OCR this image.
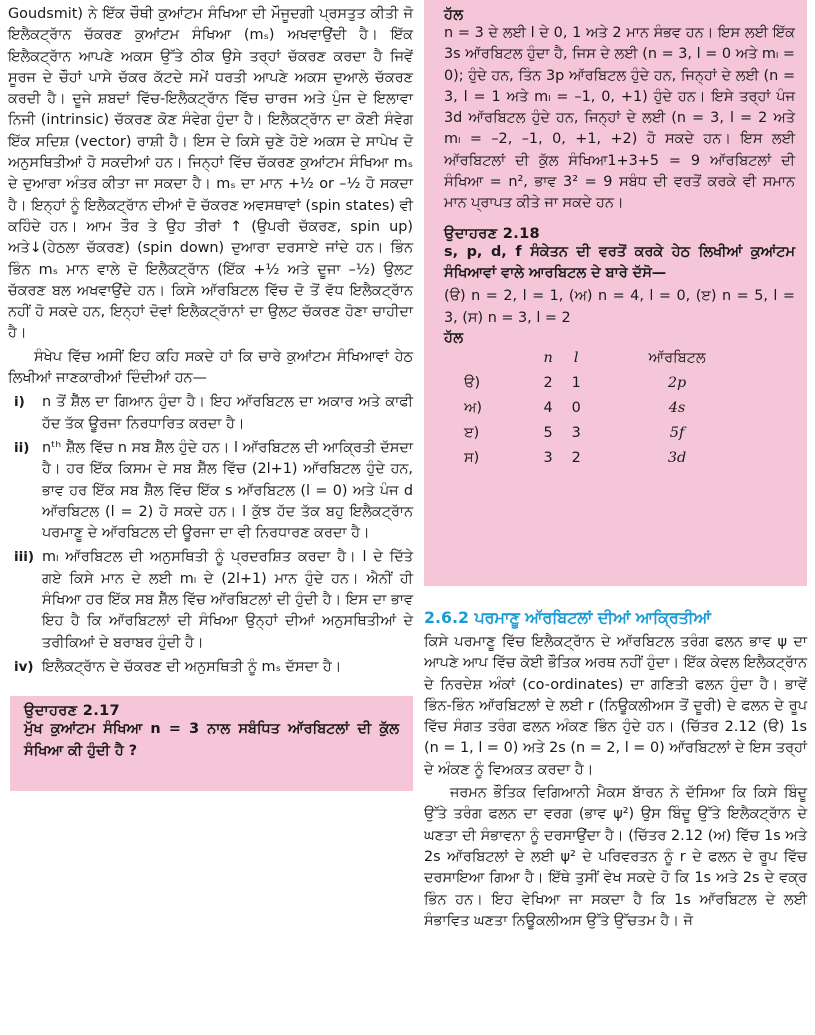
Goudsmit) ਨੇ ਇੱਕ ਚੌਥੀ ਕੁਆਂਟਮ ਸੰਖਿਆ ਦੀ ਮੌਜੂਦਗੀ ਪ੍ਰਸਤੁਤ ਕੀਤੀ ਜੋ ਇਲੈਕਟ੍ਰਾੱਨ ਚੱਕਰਣ ਕੁਆਂਟਮ ਸੰਖਿਆ (mₛ) ਅਖਵਾਉਂਦੀ ਹੈ। ਇੱਕ ਇਲੈਕਟ੍ਰਾੱਨ ਆਪਣੇ ਅਕਸ ਉੱਤੇ ਠੀਕ ਉਸੇ ਤਰ੍ਹਾਂ ਚੱਕਰਣ ਕਰਦਾ ਹੈ ਜਿਵੇਂ ਸੂਰਜ ਦੇ ਚੌਹਾਂ ਪਾਸੇ ਚੱਕਰ ਕੱਟਦੇ ਸਮੇਂ ਧਰਤੀ ਆਪਣੇ ਅਕਸ ਦੁਆਲੇ ਚੱਕਰਣ ਕਰਦੀ ਹੈ। ਦੂਜੇ ਸ਼ਬਦਾਂ ਵਿੱਚ-ਇਲੈਕਟ੍ਰਾੱਨ ਵਿੱਚ ਚਾਰਜ ਅਤੇ ਪੁੰਜ ਦੇ ਇਲਾਵਾ ਨਿਜੀ (intrinsic) ਚੱਕਰਣ ਕੋਣ ਸੰਵੇਗ ਹੁੰਦਾ ਹੈ। ਇਲੈਕਟ੍ਰਾੱਨ ਦਾ ਕੋਣੀ ਸੰਵੇਗ ਇੱਕ ਸਦਿਸ਼ (vector) ਰਾਸ਼ੀ ਹੈ। ਇਸ ਦੇ ਕਿਸੇ ਚੁਣੇ ਹੋਏ ਅਕਸ ਦੇ ਸਾਪੇਖ ਦੋ ਅਨੁਸਥਿਤੀਆਂ ਹੋ ਸਕਦੀਆਂ ਹਨ। ਜਿਨ੍ਹਾਂ ਵਿੱਚ ਚੱਕਰਣ ਕੁਆਂਟਮ ਸੰਖਿਆ mₛ ਦੇ ਦੁਆਰਾ ਅੰਤਰ ਕੀਤਾ ਜਾ ਸਕਦਾ ਹੈ। mₛ ਦਾ ਮਾਨ +½ or –½ ਹੋ ਸਕਦਾ ਹੈ। ਇਨ੍ਹਾਂ ਨੂੰ ਇਲੈਕਟ੍ਰਾੱਨ ਦੀਆਂ ਦੋ ਚੱਕਰਣ ਅਵਸਥਾਵਾਂ (spin states) ਵੀ ਕਹਿੰਦੇ ਹਨ। ਆਮ ਤੌਰ ਤੇ ਉਹ ਤੀਰਾਂ ↑ (ਉਪਰੀ ਚੱਕਰਣ, spin up) ਅਤੇ↓(ਹੇਠਲਾ ਚੱਕਰਣ) (spin down) ਦੁਆਰਾ ਦਰਸਾਏ ਜਾਂਦੇ ਹਨ। ਭਿੰਨ ਭਿੰਨ mₛ ਮਾਨ ਵਾਲੇ ਦੋ ਇਲੈਕਟ੍ਰਾੱਨ (ਇੱਕ +½ ਅਤੇ ਦੂਜਾ –½) ਉਲਟ ਚੱਕਰਣ ਬਲ ਅਖਵਾਉਂਦੇ ਹਨ। ਕਿਸੇ ਆੱਰਬਿਟਲ ਵਿੱਚ ਦੋ ਤੋਂ ਵੱਧ ਇਲੈਕਟ੍ਰਾੱਨ ਨਹੀਂ ਹੋ ਸਕਦੇ ਹਨ, ਇਨ੍ਹਾਂ ਦੋਵਾਂ ਇਲੈਕਟ੍ਰਾੱਨਾਂ ਦਾ ਉਲਟ ਚੱਕਰਣ ਹੋਣਾ ਚਾਹੀਦਾ ਹੈ।

ਸੰਖੇਪ ਵਿੱਚ ਅਸੀਂ ਇਹ ਕਹਿ ਸਕਦੇ ਹਾਂ ਕਿ ਚਾਰੇ ਕੁਆਂਟਮ ਸੰਖਿਆਵਾਂ ਹੇਠ ਲਿਖੀਆਂ ਜਾਣਕਾਰੀਆਂ ਦਿੰਦੀਆਂ ਹਨ—

i) n ਤੋਂ ਸ਼ੈੱਲ ਦਾ ਗਿਆਨ ਹੁੰਦਾ ਹੈ। ਇਹ ਆੱਰਬਿਟਲ ਦਾ ਅਕਾਰ ਅਤੇ ਕਾਫੀ ਹੱਦ ਤੱਕ ਊਰਜਾ ਨਿਰਧਾਰਿਤ ਕਰਦਾ ਹੈ।
ii) nᵗʰ ਸ਼ੈੱਲ ਵਿੱਚ n ਸਬ ਸ਼ੈੱਲ ਹੁੰਦੇ ਹਨ। l ਆੱਰਬਿਟਲ ਦੀ ਆਕ੍ਰਿਤੀ ਦੱਸਦਾ ਹੈ। ਹਰ ਇੱਕ ਕਿਸਮ ਦੇ ਸਬ ਸ਼ੈੱਲ ਵਿੱਚ (2l+1) ਆੱਰਬਿਟਲ ਹੁੰਦੇ ਹਨ, ਭਾਵ ਹਰ ਇੱਕ ਸਬ ਸ਼ੈੱਲ ਵਿੱਚ ਇੱਕ s ਆੱਰਬਿਟਲ (l = 0) ਅਤੇ ਪੰਜ d ਆੱਰਬਿਟਲ (l = 2) ਹੋ ਸਕਦੇ ਹਨ। l ਕੁੱਝ ਹੱਦ ਤੱਕ ਬਹੁ ਇਲੈਕਟ੍ਰਾੱਨ ਪਰਮਾਣੂ ਦੇ ਆੱਰਬਿਟਲ ਦੀ ਊਰਜਾ ਦਾ ਵੀ ਨਿਰਧਾਰਣ ਕਰਦਾ ਹੈ।
iii) mₗ ਆੱਰਬਿਟਲ ਦੀ ਅਨੁਸਥਿਤੀ ਨੂੰ ਪ੍ਰਦਰਸ਼ਿਤ ਕਰਦਾ ਹੈ। l ਦੇ ਦਿੱਤੇ ਗਏ ਕਿਸੇ ਮਾਨ ਦੇ ਲਈ mₗ ਦੇ (2l+1) ਮਾਨ ਹੁੰਦੇ ਹਨ। ਐਨੀਂ ਹੀ ਸੰਖਿਆ ਹਰ ਇੱਕ ਸਬ ਸ਼ੈੱਲ ਵਿੱਚ ਆੱਰਬਿਟਲਾਂ ਦੀ ਹੁੰਦੀ ਹੈ। ਇਸ ਦਾ ਭਾਵ ਇਹ ਹੈ ਕਿ ਆੱਰਬਿਟਲਾਂ ਦੀ ਸੰਖਿਆ ਉਨ੍ਹਾਂ ਦੀਆਂ ਅਨੁਸਥਿਤੀਆਂ ਦੇ ਤਰੀਕਿਆਂ ਦੇ ਬਰਾਬਰ ਹੁੰਦੀ ਹੈ।
iv) ਇਲੈਕਟ੍ਰਾੱਨ ਦੇ ਚੱਕਰਣ ਦੀ ਅਨੁਸਥਿਤੀ ਨੂੰ mₛ ਦੱਸਦਾ ਹੈ।

ਉਦਾਹਰਣ 2.17

ਮੁੱਖ ਕੁਆਂਟਮ ਸੰਖਿਆ n = 3 ਨਾਲ ਸਬੰਧਿਤ ਆੱਰਬਿਟਲਾਂ ਦੀ ਕੁੱਲ ਸੰਖਿਆ ਕੀ ਹੁੰਦੀ ਹੈ ?

ਹੱਲ

n = 3 ਦੇ ਲਈ l ਦੇ 0, 1 ਅਤੇ 2 ਮਾਨ ਸੰਭਵ ਹਨ। ਇਸ ਲਈ ਇੱਕ 3s ਆੱਰਬਿਟਲ ਹੁੰਦਾ ਹੈ, ਜਿਸ ਦੇ ਲਈ (n = 3, l = 0 ਅਤੇ mₗ = 0); ਹੁੰਦੇ ਹਨ, ਤਿੰਨ 3p ਆੱਰਬਿਟਲ ਹੁੰਦੇ ਹਨ, ਜਿਨ੍ਹਾਂ ਦੇ ਲਈ (n = 3, l = 1 ਅਤੇ mₗ = –1, 0, +1) ਹੁੰਦੇ ਹਨ। ਇਸੇ ਤਰ੍ਹਾਂ ਪੰਜ 3d ਆੱਰਬਿਟਲ ਹੁੰਦੇ ਹਨ, ਜਿਨ੍ਹਾਂ ਦੇ ਲਈ (n = 3, l = 2 ਅਤੇ mₗ = –2, –1, 0, +1, +2) ਹੋ ਸਕਦੇ ਹਨ। ਇਸ ਲਈ ਆੱਰਬਿਟਲਾਂ ਦੀ ਕੁੱਲ ਸੰਖਿਆ1+3+5 = 9 ਆੱਰਬਿਟਲਾਂ ਦੀ ਸੰਖਿਆ = n², ਭਾਵ 3² = 9 ਸਬੰਧ ਦੀ ਵਰਤੋਂ ਕਰਕੇ ਵੀ ਸਮਾਨ ਮਾਨ ਪ੍ਰਾਪਤ ਕੀਤੇ ਜਾ ਸਕਦੇ ਹਨ।

ਉਦਾਹਰਣ 2.18

s, p, d, f ਸੰਕੇਤਨ ਦੀ ਵਰਤੋਂ ਕਰਕੇ ਹੇਠ ਲਿਖੀਆਂ ਕੁਆਂਟਮ ਸੰਖਿਆਵਾਂ ਵਾਲੇ ਆਰਬਿਟਲ ਦੇ ਬਾਰੇ ਦੱਸੋ—

(ੳ) n = 2, l = 1, (ਅ) n = 4, l = 0, (ੲ) n = 5, l = 3, (ਸ) n = 3, l = 2

ਹੱਲ

	n	l	ਆੱਰਬਿਟਲ
ੳ)	2	1	2p
ਅ)	4	0	4s
ੲ)	5	3	5f
ਸ)	3	2	3d

2.6.2 ਪਰਮਾਣੂ ਆੱਰਬਿਟਲਾਂ ਦੀਆਂ ਆਕ੍ਰਿਤੀਆਂ

ਕਿਸੇ ਪਰਮਾਣੂ ਵਿੱਚ ਇਲੈਕਟ੍ਰਾੱਨ ਦੇ ਆੱਰਬਿਟਲ ਤਰੰਗ ਫਲਨ ਭਾਵ ψ ਦਾ ਆਪਣੇ ਆਪ ਵਿੱਚ ਕੋਈ ਭੌਤਿਕ ਅਰਥ ਨਹੀਂ ਹੁੰਦਾ। ਇੱਕ ਕੇਵਲ ਇਲੈਕਟ੍ਰਾੱਨ ਦੇ ਨਿਰਦੇਸ਼ ਅੰਕਾਂ (co-ordinates) ਦਾ ਗਣਿਤੀ ਫਲਨ ਹੁੰਦਾ ਹੈ। ਭਾਵੇਂ ਭਿੰਨ-ਭਿੰਨ ਆੱਰਬਿਟਲਾਂ ਦੇ ਲਈ r (ਨਿਊਕਲੀਅਸ ਤੋਂ ਦੂਰੀ) ਦੇ ਫਲਨ ਦੇ ਰੂਪ ਵਿੱਚ ਸੰਗਤ ਤਰੰਗ ਫਲਨ ਅੰਕਣ ਭਿੰਨ ਹੁੰਦੇ ਹਨ। (ਚਿੱਤਰ 2.12 (ੳ) 1s (n = 1, l = 0) ਅਤੇ 2s (n = 2, l = 0) ਆੱਰਬਿਟਲਾਂ ਦੇ ਇਸ ਤਰ੍ਹਾਂ ਦੇ ਅੰਕਣ ਨੂੰ ਵਿਅਕਤ ਕਰਦਾ ਹੈ।

ਜਰਮਨ ਭੌਤਿਕ ਵਿਗਿਆਨੀ ਮੈਕਸ ਬਾੱਰਨ ਨੇ ਦੱਸਿਆ ਕਿ ਕਿਸੇ ਬਿੰਦੂ ਉੱਤੇ ਤਰੰਗ ਫਲਨ ਦਾ ਵਰਗ (ਭਾਵ ψ²) ਉਸ ਬਿੰਦੂ ਉੱਤੇ ਇਲੈਕਟ੍ਰਾੱਨ ਦੇ ਘਣਤਾ ਦੀ ਸੰਭਾਵਨਾ ਨੂੰ ਦਰਸਾਉਂਦਾ ਹੈ। (ਚਿੱਤਰ 2.12 (ਅ) ਵਿੱਚ 1s ਅਤੇ 2s ਆੱਰਬਿਟਲਾਂ ਦੇ ਲਈ ψ² ਦੇ ਪਰਿਵਰਤਨ ਨੂੰ r ਦੇ ਫਲਨ ਦੇ ਰੂਪ ਵਿੱਚ ਦਰਸਾਇਆ ਗਿਆ ਹੈ। ਇੱਥੇ ਤੁਸੀਂ ਵੇਖ ਸਕਦੇ ਹੋ ਕਿ 1s ਅਤੇ 2s ਦੇ ਵਕ੍ਰ ਭਿੰਨ ਹਨ। ਇਹ ਵੇਖਿਆ ਜਾ ਸਕਦਾ ਹੈ ਕਿ 1s ਆੱਰਬਿਟਲ ਦੇ ਲਈ ਸੰਭਾਵਿਤ ਘਣਤਾ ਨਿਊਕਲੀਅਸ ਉੱਤੇ ਉੱਚਤਮ ਹੈ। ਜੋ
